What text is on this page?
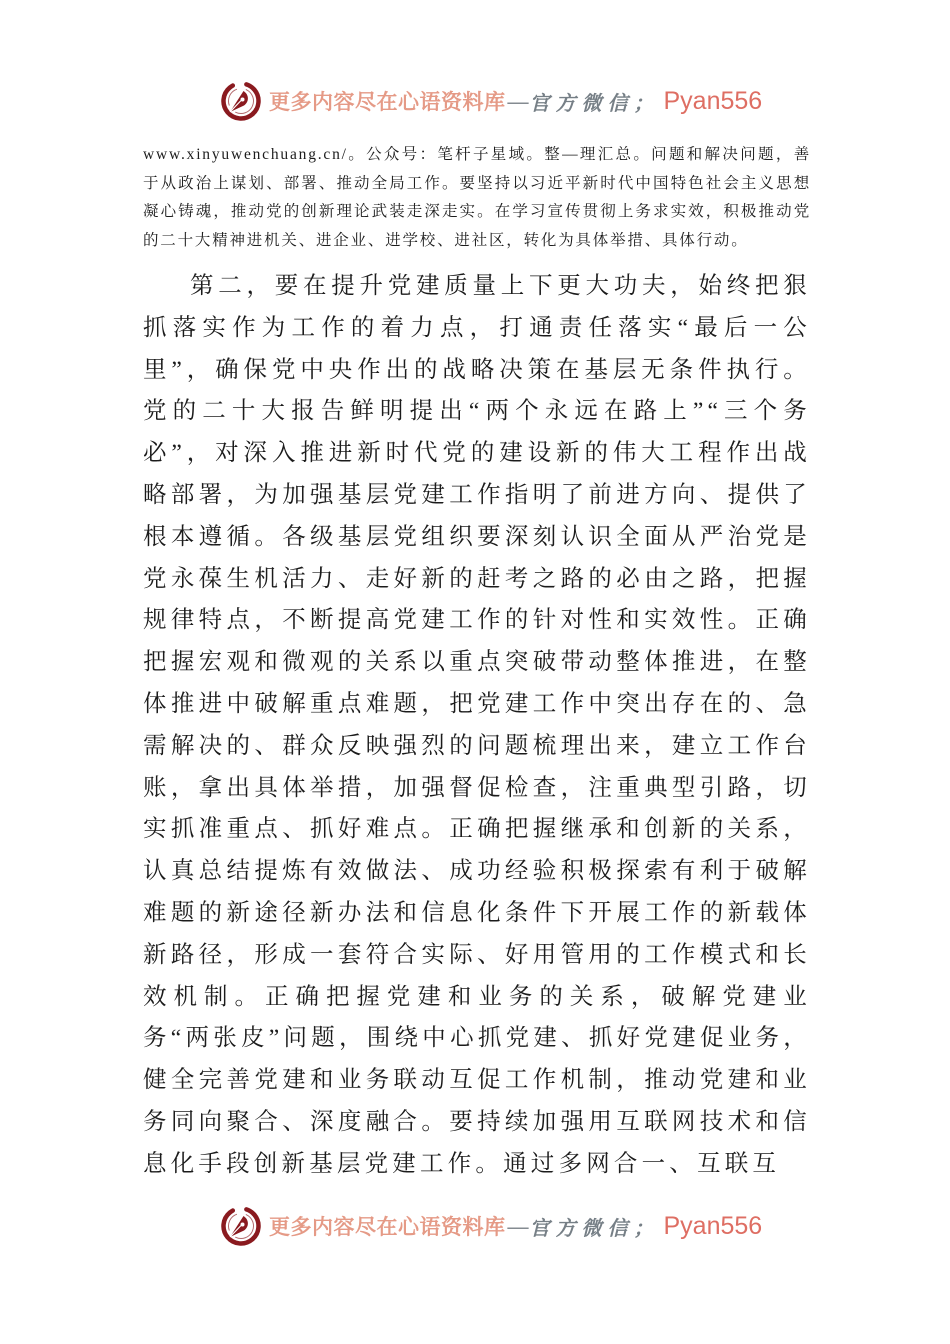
更多内容尽在心语资料库 — 官方微信； Pyan556

www.xinyuwenchuang.cn/。公众号：笔杆子星域。整—理汇总。问题和解决问题，善于从政治上谋划、部署、推动全局工作。要坚持以习近平新时代中国特色社会主义思想凝心铸魂，推动党的创新理论武装走深走实。在学习宣传贯彻上务求实效，积极推动党的二十大精神进机关、进企业、进学校、进社区，转化为具体举措、具体行动。

第二，要在提升党建质量上下更大功夫，始终把狠抓落实作为工作的着力点，打通责任落实“最后一公里”，确保党中央作出的战略决策在基层无条件执行。党的二十大报告鲜明提出“两个永远在路上”“三个务必”，对深入推进新时代党的建设新的伟大工程作出战略部署，为加强基层党建工作指明了前进方向、提供了根本遵循。各级基层党组织要深刻认识全面从严治党是党永葆生机活力、走好新的赶考之路的必由之路，把握规律特点，不断提高党建工作的针对性和实效性。正确把握宏观和微观的关系以重点突破带动整体推进，在整体推进中破解重点难题，把党建工作中突出存在的、急需解决的、群众反映强烈的问题梳理出来，建立工作台账，拿出具体举措，加强督促检查，注重典型引路，切实抓准重点、抓好难点。正确把握继承和创新的关系，认真总结提炼有效做法、成功经验积极探索有利于破解难题的新途径新办法和信息化条件下开展工作的新载体新路径，形成一套符合实际、好用管用的工作模式和长效机制。正确把握党建和业务的关系，破解党建业务“两张皮”问题，围绕中心抓党建、抓好党建促业务，健全完善党建和业务联动互促工作机制，推动党建和业务同向聚合、深度融合。要持续加强用互联网技术和信息化手段创新基层党建工作。通过多网合一、互联互

更多内容尽在心语资料库 — 官方微信； Pyan556
